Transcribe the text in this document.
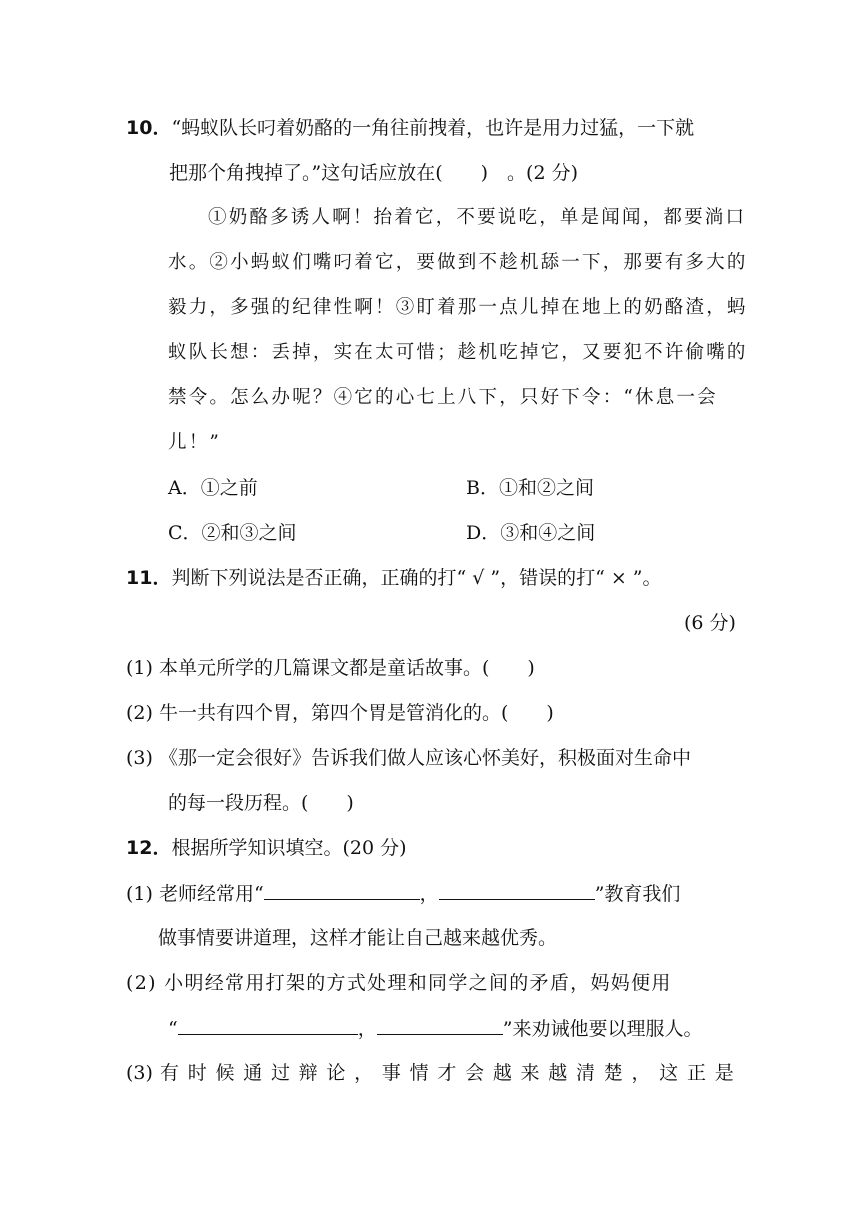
10．“蚂蚁队长叼着奶酪的一角往前拽着，也许是用力过猛，一下就
把那个角拽掉了。”这句话应放在(　　)　。(2 分)
①奶酪多诱人啊！抬着它，不要说吃，单是闻闻，都要淌口
水。②小蚂蚁们嘴叼着它，要做到不趁机舔一下，那要有多大的
毅力，多强的纪律性啊！③盯着那一点儿掉在地上的奶酪渣，蚂
蚁队长想：丢掉，实在太可惜；趁机吃掉它，又要犯不许偷嘴的
禁令。怎么办呢？④它的心七上八下，只好下令：“休息一会
儿！”
A．①之前	B．①和②之间
C．②和③之间	D．③和④之间
11．判断下列说法是否正确，正确的打“ √ ”，错误的打“ × ”。
(6 分)
(1) 本单元所学的几篇课文都是童话故事。(　　)
(2) 牛一共有四个胃，第四个胃是管消化的。(　　)
(3) 《那一定会很好》告诉我们做人应该心怀美好，积极面对生命中
的每一段历程。(　　)
12．根据所学知识填空。(20 分)
(1) 老师经常用“	，	”教育我们
做事情要讲道理，这样才能让自己越来越优秀。
(2) 小明经常用打架的方式处理和同学之间的矛盾，妈妈便用
“	，	”来劝诫他要以理服人。
(3) 有 时 候 通 过 辩 论 ， 事 情 才 会 越 来 越 清 楚 ， 这 正 是
